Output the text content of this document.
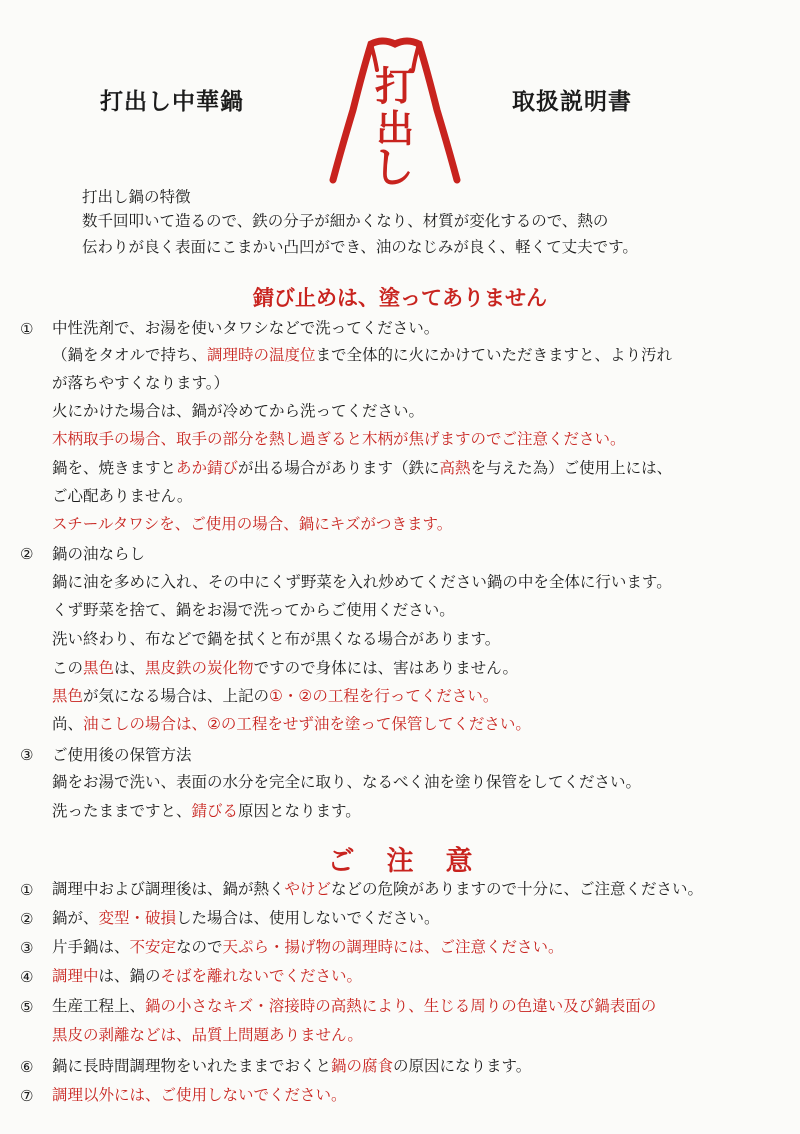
打出し中華鍋	取扱説明書
打
出
し
打出し鍋の特徴
数千回叩いて造るので、鉄の分子が細かくなり、材質が変化するので、熱の
伝わりが良く表面にこまかい凸凹ができ、油のなじみが良く、軽くて丈夫です。
錆び止めは、塗ってありません
① 中性洗剤で、お湯を使いタワシなどで洗ってください。
（鍋をタオルで持ち、調理時の温度位まで全体的に火にかけていただきますと、より汚れ
が落ちやすくなります。）
火にかけた場合は、鍋が冷めてから洗ってください。
木柄取手の場合、取手の部分を熱し過ぎると木柄が焦げますのでご注意ください。
鍋を、焼きますとあか錆びが出る場合があります（鉄に高熱を与えた為）ご使用上には、
ご心配ありません。
スチールタワシを、ご使用の場合、鍋にキズがつきます。
② 鍋の油ならし
鍋に油を多めに入れ、その中にくず野菜を入れ炒めてください鍋の中を全体に行います。
くず野菜を捨て、鍋をお湯で洗ってからご使用ください。
洗い終わり、布などで鍋を拭くと布が黒くなる場合があります。
この黒色は、黒皮鉄の炭化物ですので身体には、害はありません。
黒色が気になる場合は、上記の①・②の工程を行ってください。
尚、油こしの場合は、②の工程をせず油を塗って保管してください。
③ ご使用後の保管方法
鍋をお湯で洗い、表面の水分を完全に取り、なるべく油を塗り保管をしてください。
洗ったままですと、錆びる原因となります。
ご注意
① 調理中および調理後は、鍋が熱くやけどなどの危険がありますので十分に、ご注意ください。
② 鍋が、変型・破損した場合は、使用しないでください。
③ 片手鍋は、不安定なので天ぷら・揚げ物の調理時には、ご注意ください。
④ 調理中は、鍋のそばを離れないでください。
⑤ 生産工程上、鍋の小さなキズ・溶接時の高熱により、生じる周りの色違い及び鍋表面の
黒皮の剥離などは、品質上問題ありません。
⑥ 鍋に長時間調理物をいれたままでおくと鍋の腐食の原因になります。
⑦ 調理以外には、ご使用しないでください。
